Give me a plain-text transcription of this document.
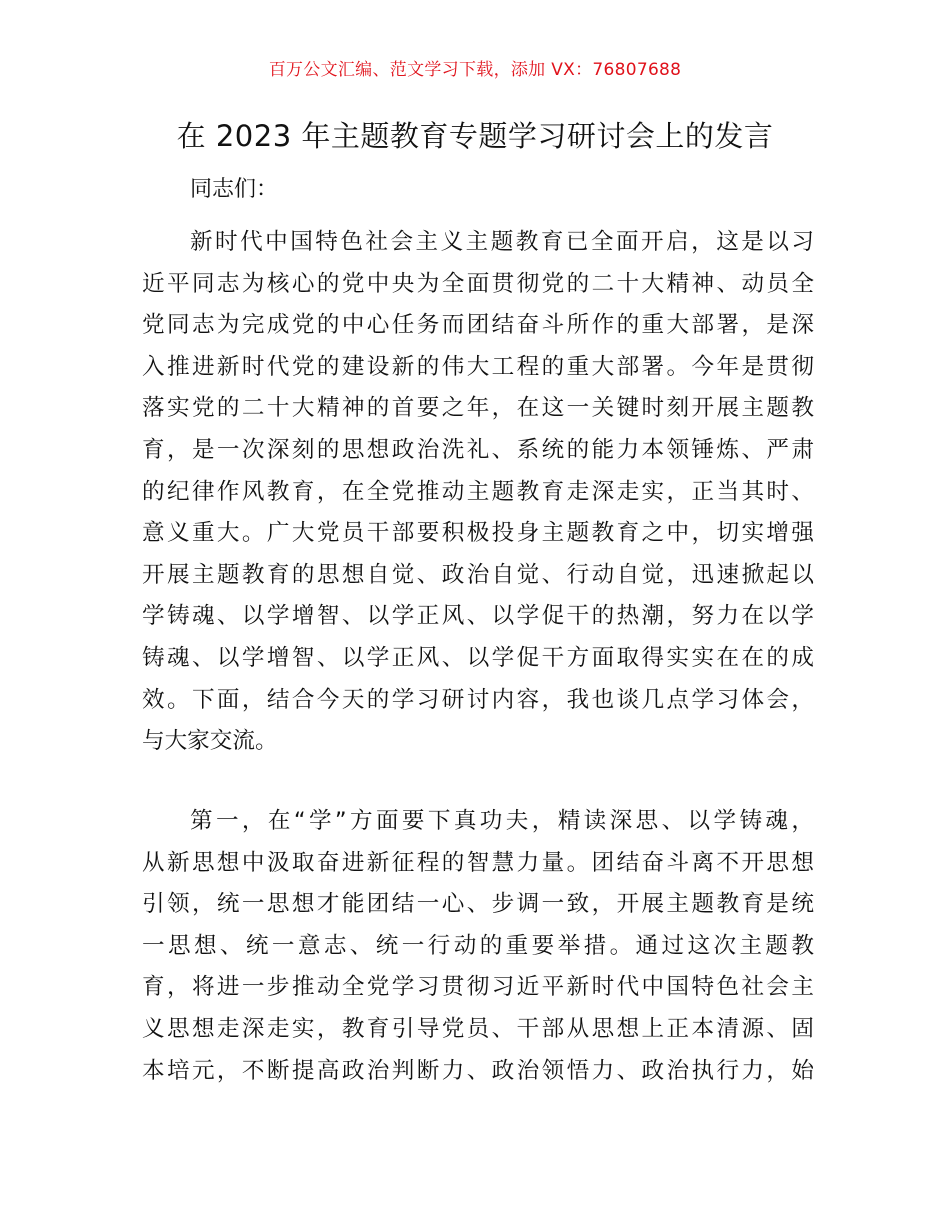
百万公文汇编、范文学习下载，添加 VX：76807688
在 2023 年主题教育专题学习研讨会上的发言
同志们：
新时代中国特色社会主义主题教育已全面开启，这是以习
近平同志为核心的党中央为全面贯彻党的二十大精神、动员全
党同志为完成党的中心任务而团结奋斗所作的重大部署，是深
入推进新时代党的建设新的伟大工程的重大部署。今年是贯彻
落实党的二十大精神的首要之年，在这一关键时刻开展主题教
育，是一次深刻的思想政治洗礼、系统的能力本领锤炼、严肃
的纪律作风教育，在全党推动主题教育走深走实，正当其时、
意义重大。广大党员干部要积极投身主题教育之中，切实增强
开展主题教育的思想自觉、政治自觉、行动自觉，迅速掀起以
学铸魂、以学增智、以学正风、以学促干的热潮，努力在以学
铸魂、以学增智、以学正风、以学促干方面取得实实在在的成
效。下面，结合今天的学习研讨内容，我也谈几点学习体会，
与大家交流。
第一，在“学”方面要下真功夫，精读深思、以学铸魂，
从新思想中汲取奋进新征程的智慧力量。团结奋斗离不开思想
引领，统一思想才能团结一心、步调一致，开展主题教育是统
一思想、统一意志、统一行动的重要举措。通过这次主题教
育，将进一步推动全党学习贯彻习近平新时代中国特色社会主
义思想走深走实，教育引导党员、干部从思想上正本清源、固
本培元，不断提高政治判断力、政治领悟力、政治执行力，始
